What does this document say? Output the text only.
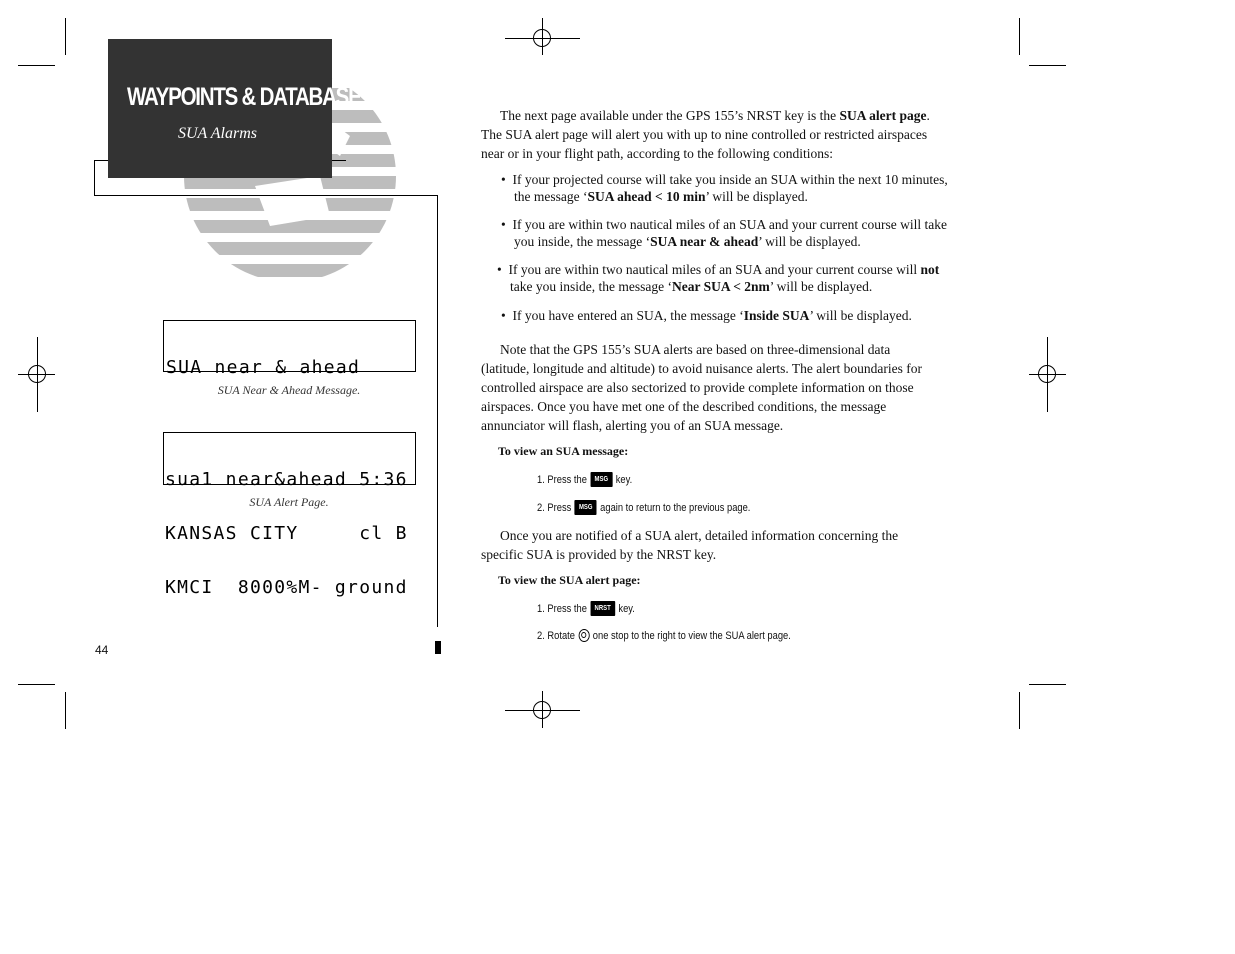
WAYPOINTS & DATABASE
SUA Alarms

SUA near & ahead

SUA Near & Ahead Message.

sua1 near&ahead 5:36

KANSAS CITY     cl B

KMCI  8000%M- ground

SUA Alert Page.
44
The next page available under the GPS 155’s NRST key is the SUA alert page. The SUA alert page will alert you with up to nine controlled or restricted airspaces near or in your flight path, according to the following conditions:
•  If your projected course will take you inside an SUA within the next 10 minutes, the message ‘SUA ahead < 10 min’ will be displayed.
•  If you are within two nautical miles of an SUA and your current course will take you inside, the message ‘SUA near & ahead’ will be displayed.
•  If you are within two nautical miles of an SUA and your current course will not take you inside, the message ‘Near SUA < 2nm’ will be displayed.
•  If you have entered an SUA, the message ‘Inside SUA’ will be displayed.
Note that the GPS 155’s SUA alerts are based on three-dimensional data (latitude, longitude and altitude) to avoid nuisance alerts. The alert boundaries for controlled airspace are also sectorized to provide complete information on those airspaces. Once you have met one of the described conditions, the message annunciator will flash, alerting you of an SUA message.
To view an SUA message:
1. Press the	MSG key.
2. Press	MSG again to return to the previous page.
Once you are notified of a SUA alert, detailed information concerning the specific SUA is provided by the NRST key.
To view the SUA alert page:
1. Press the	NRST key.
2. Rotate one stop to the right to view the SUA alert page.
